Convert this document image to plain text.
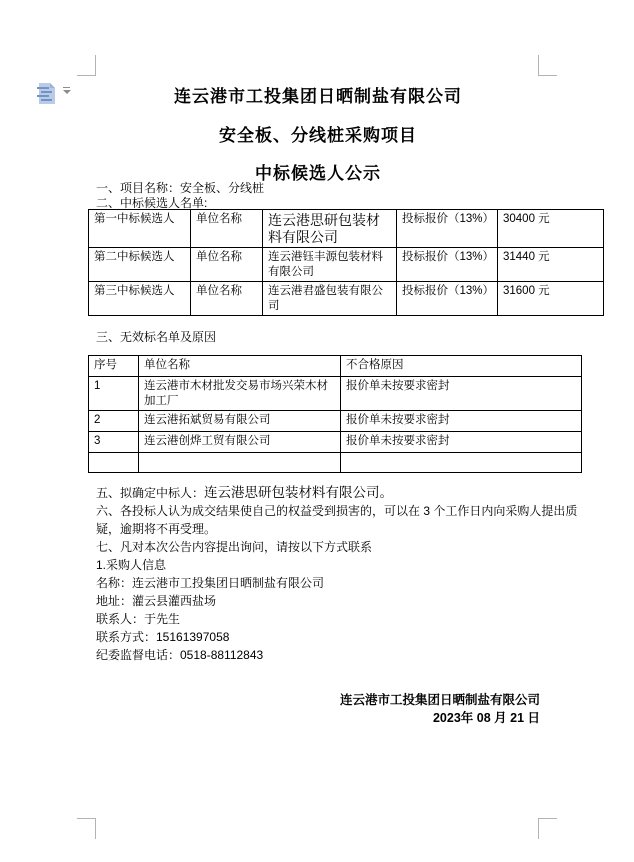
连云港市工投集团日晒制盐有限公司
安全板、分线桩采购项目
中标候选人公示
一、项目名称：安全板、分线桩
二、中标候选人名单:
第一中标候选人	单位名称	连云港思研包装材料有限公司	投标报价（13%）	30400 元
第二中标候选人	单位名称	连云港钰丰源包装材料有限公司	投标报价（13%）	31440 元
第三中标候选人	单位名称	连云港君盛包装有限公司	投标报价（13%）	31600 元
三、无效标名单及原因
序号	单位名称	不合格原因
1	连云港市木材批发交易市场兴荣木材加工厂	报价单未按要求密封
2	连云港拓斌贸易有限公司	报价单未按要求密封
3	连云港创烨工贸有限公司	报价单未按要求密封

五、拟确定中标人：连云港思研包装材料有限公司。
六、各投标人认为成交结果使自己的权益受到损害的，可以在 3 个工作日内向采购人提出质
疑，逾期将不再受理。
七、凡对本次公告内容提出询问，请按以下方式联系
1.采购人信息
名称：连云港市工投集团日晒制盐有限公司
地址：灌云县灌西盐场
联系人：于先生
联系方式：15161397058
纪委监督电话：0518-88112843
连云港市工投集团日晒制盐有限公司
2023年 08 月 21 日
